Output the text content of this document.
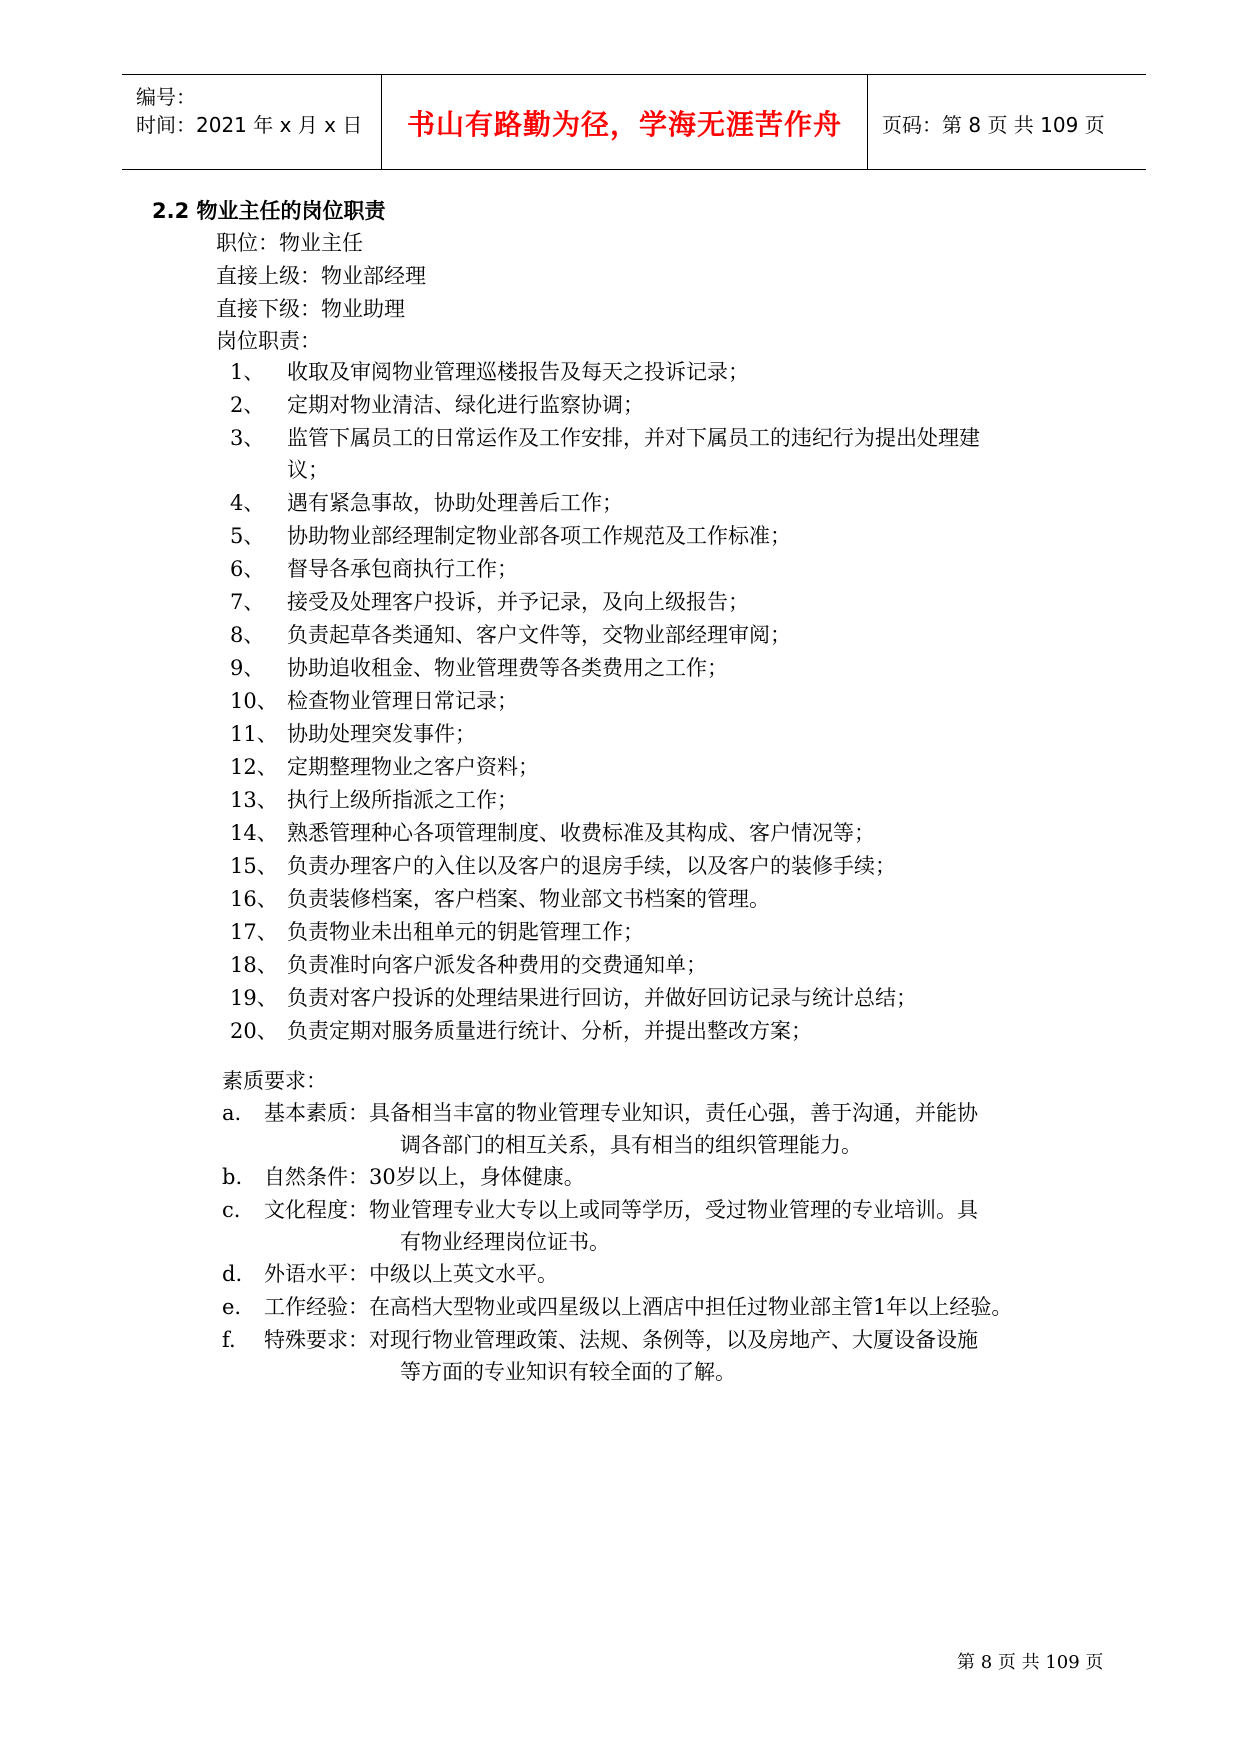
编号：
时间：2021 年 x 月 x 日	书山有路勤为径，学海无涯苦作舟	页码：第 8 页 共 109 页
2.2 物业主任的岗位职责
职位：物业主任
直接上级：物业部经理
直接下级：物业助理
岗位职责：
1、 收取及审阅物业管理巡楼报告及每天之投诉记录；
2、 定期对物业清洁、绿化进行监察协调；
3、 监管下属员工的日常运作及工作安排，并对下属员工的违纪行为提出处理建
4、 遇有紧急事故，协助处理善后工作；
5、 协助物业部经理制定物业部各项工作规范及工作标准；
6、 督导各承包商执行工作；
7、 接受及处理客户投诉，并予记录，及向上级报告；
8、 负责起草各类通知、客户文件等，交物业部经理审阅；
9、 协助追收租金、物业管理费等各类费用之工作；
10、 检查物业管理日常记录；
11、 协助处理突发事件；
12、 定期整理物业之客户资料；
13、 执行上级所指派之工作；
14、 熟悉管理种心各项管理制度、收费标准及其构成、客户情况等；
15、 负责办理客户的入住以及客户的退房手续，以及客户的装修手续；
16、 负责装修档案，客户档案、物业部文书档案的管理。
17、 负责物业未出租单元的钥匙管理工作；
18、 负责准时向客户派发各种费用的交费通知单；
19、 负责对客户投诉的处理结果进行回访，并做好回访记录与统计总结；
20、 负责定期对服务质量进行统计、分析，并提出整改方案；
议；
素质要求：
a. 基本素质：具备相当丰富的物业管理专业知识，责任心强，善于沟通，并能协
调各部门的相互关系，具有相当的组织管理能力。
b. 自然条件：30岁以上，身体健康。
c. 文化程度：物业管理专业大专以上或同等学历，受过物业管理的专业培训。具
有物业经理岗位证书。
d. 外语水平：中级以上英文水平。
e. 工作经验：在高档大型物业或四星级以上酒店中担任过物业部主管1年以上经验。
f. 特殊要求：对现行物业管理政策、法规、条例等，以及房地产、大厦设备设施
等方面的专业知识有较全面的了解。
第 8 页 共 109 页
